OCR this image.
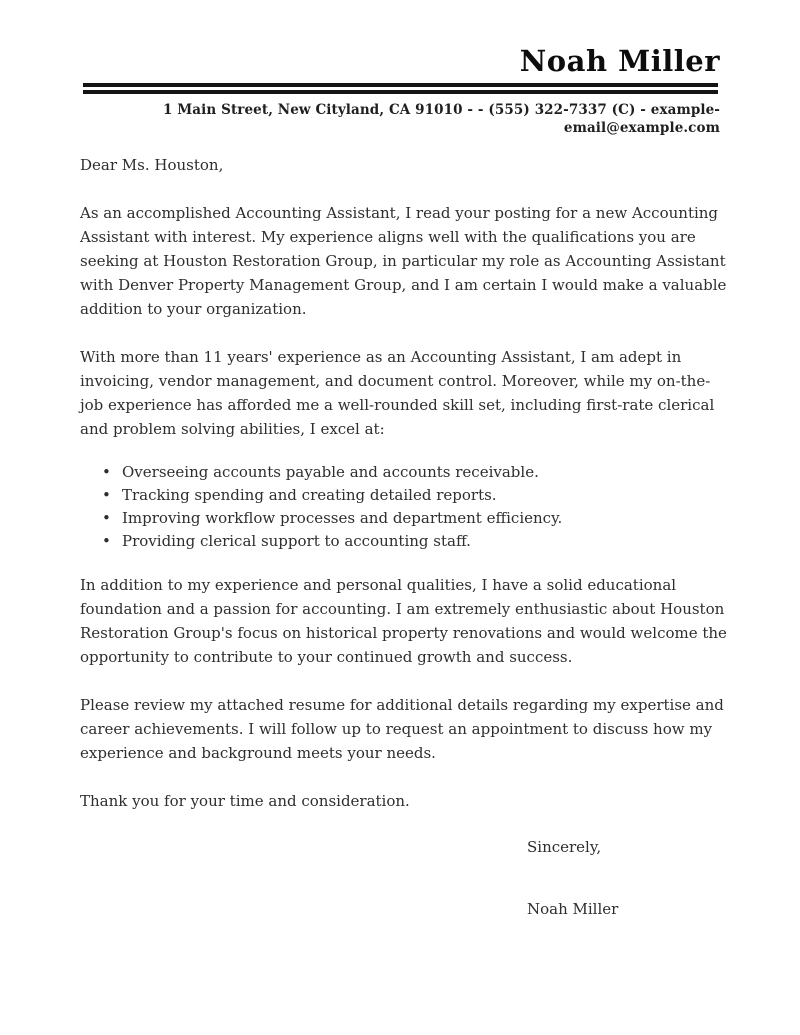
Noah Miller
1 Main Street, New Cityland, CA 91010 - - (555) 322-7337 (C) - example-email@example.com
Dear Ms. Houston,
As an accomplished Accounting Assistant, I read your posting for a new Accounting Assistant with interest. My experience aligns well with the qualifications you are seeking at Houston Restoration Group, in particular my role as Accounting Assistant with Denver Property Management Group, and I am certain I would make a valuable addition to your organization.
With more than 11 years' experience as an Accounting Assistant, I am adept in invoicing, vendor management, and document control. Moreover, while my on-the-job experience has afforded me a well-rounded skill set, including first-rate clerical and problem solving abilities, I excel at:
• Overseeing accounts payable and accounts receivable.
• Tracking spending and creating detailed reports.
• Improving workflow processes and department efficiency.
• Providing clerical support to accounting staff.
In addition to my experience and personal qualities, I have a solid educational foundation and a passion for accounting. I am extremely enthusiastic about Houston Restoration Group's focus on historical property renovations and would welcome the opportunity to contribute to your continued growth and success.
Please review my attached resume for additional details regarding my expertise and career achievements. I will follow up to request an appointment to discuss how my experience and background meets your needs.
Thank you for your time and consideration.
Sincerely,
Noah Miller
